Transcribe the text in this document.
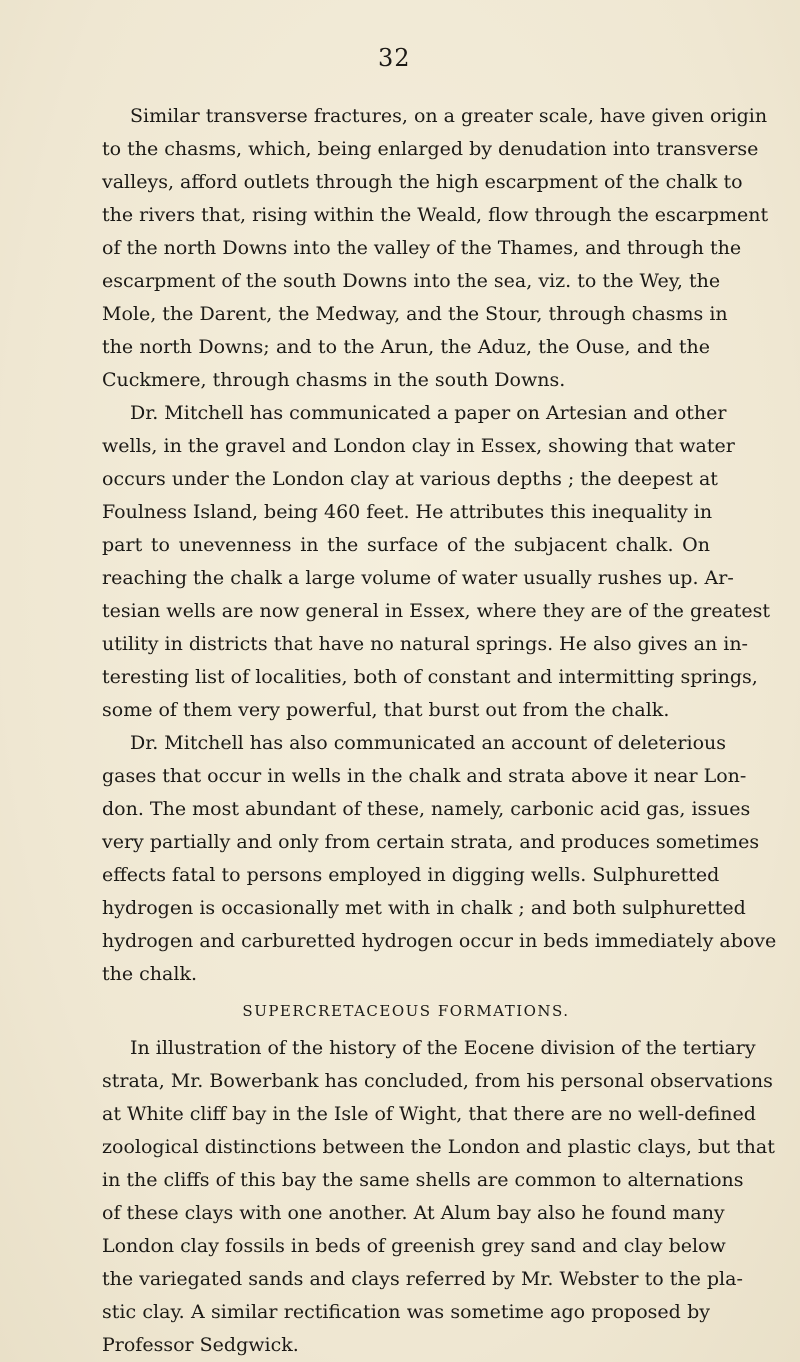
32
Similar transverse fractures, on a greater scale, have given origin
to the chasms, which, being enlarged by denudation into transverse
valleys, afford outlets through the high escarpment of the chalk to
the rivers that, rising within the Weald, flow through the escarpment
of the north Downs into the valley of the Thames, and through the
escarpment of the south Downs into the sea, viz. to the Wey, the
Mole, the Darent, the Medway, and the Stour, through chasms in
the north Downs; and to the Arun, the Aduz, the Ouse, and the
Cuckmere, through chasms in the south Downs.
Dr. Mitchell has communicated a paper on Artesian and other
wells, in the gravel and London clay in Essex, showing that water
occurs under the London clay at various depths ; the deepest at
Foulness Island, being 460 feet. He attributes this inequality in
part to unevenness in the surface of the subjacent chalk. On
reaching the chalk a large volume of water usually rushes up. Ar-
tesian wells are now general in Essex, where they are of the greatest
utility in districts that have no natural springs. He also gives an in-
teresting list of localities, both of constant and intermitting springs,
some of them very powerful, that burst out from the chalk.
Dr. Mitchell has also communicated an account of deleterious
gases that occur in wells in the chalk and strata above it near Lon-
don. The most abundant of these, namely, carbonic acid gas, issues
very partially and only from certain strata, and produces sometimes
effects fatal to persons employed in digging wells. Sulphuretted
hydrogen is occasionally met with in chalk ; and both sulphuretted
hydrogen and carburetted hydrogen occur in beds immediately above
the chalk.
SUPERCRETACEOUS FORMATIONS.
In illustration of the history of the Eocene division of the tertiary
strata, Mr. Bowerbank has concluded, from his personal observations
at White cliff bay in the Isle of Wight, that there are no well-defined
zoological distinctions between the London and plastic clays, but that
in the cliffs of this bay the same shells are common to alternations
of these clays with one another. At Alum bay also he found many
London clay fossils in beds of greenish grey sand and clay below
the variegated sands and clays referred by Mr. Webster to the pla-
stic clay. A similar rectification was sometime ago proposed by
Professor Sedgwick.
